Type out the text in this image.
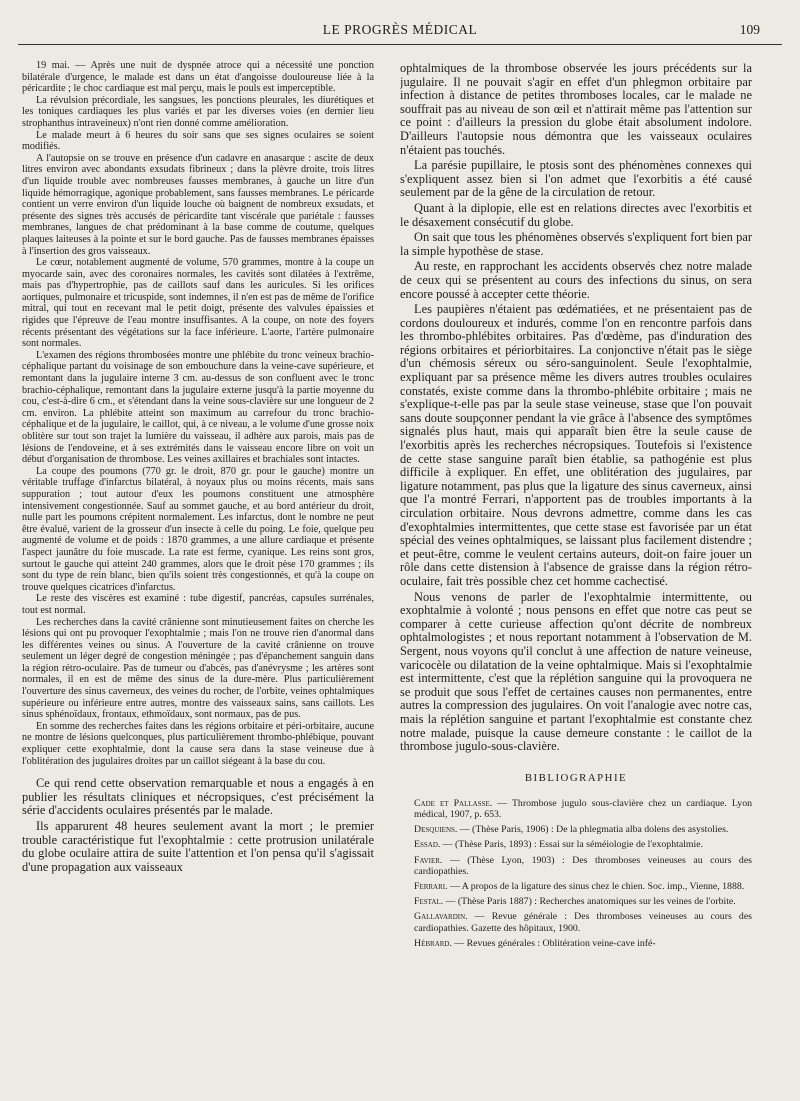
LE PROGRÈS MÉDICAL	109

19 mai. — Après une nuit de dyspnée atroce qui a nécessité une ponction bilatérale d'urgence, le malade est dans un état d'angoisse douloureuse liée à la péricardite ; le choc cardiaque est mal perçu, mais le pouls est imperceptible.

La révulsion précordiale, les sangsues, les ponctions pleurales, les diurétiques et les toniques cardiaques les plus variés et par les diverses voies (en dernier lieu strophanthus intraveineux) n'ont rien donné comme amélioration.

Le malade meurt à 6 heures du soir sans que ses signes oculaires se soient modifiés.

A l'autopsie on se trouve en présence d'un cadavre en anasarque : ascite de deux litres environ avec abondants exsudats fibrineux ; dans la plèvre droite, trois litres d'un liquide trouble avec nombreuses fausses membranes, à gauche un litre d'un liquide hémorragique, agonique probablement, sans fausses membranes. Le péricarde contient un verre environ d'un liquide louche où baignent de nombreux exsudats, et présente des signes très accusés de péricardite tant viscérale que pariétale : fausses membranes, langues de chat prédominant à la base comme de coutume, quelques plaques laiteuses à la pointe et sur le bord gauche. Pas de fausses membranes épaisses à l'insertion des gros vaisseaux.

Le cœur, notablement augmenté de volume, 570 grammes, montre à la coupe un myocarde sain, avec des coronaires normales, les cavités sont dilatées à l'extrême, mais pas d'hypertrophie, pas de caillots sauf dans les auricules. Si les orifices aortiques, pulmonaire et tricuspide, sont indemnes, il n'en est pas de même de l'orifice mitral, qui tout en recevant mal le petit doigt, présente des valvules épaissies et rigides que l'épreuve de l'eau montre insuffisantes. A la coupe, on note des foyers récents présentant des végétations sur la face inférieure. L'aorte, l'artère pulmonaire sont normales.

L'examen des régions thrombosées montre une phlébite du tronc veineux brachio-céphalique partant du voisinage de son embouchure dans la veine-cave supérieure, et remontant dans la jugulaire interne 3 cm. au-dessus de son confluent avec le tronc brachio-céphalique, remontant dans la jugulaire externe jusqu'à la partie moyenne du cou, c'est-à-dire 6 cm., et s'étendant dans la veine sous-clavière sur une longueur de 2 cm. environ. La phlébite atteint son maximum au carrefour du tronc brachio-céphalique et de la jugulaire, le caillot, qui, à ce niveau, a le volume d'une grosse noix oblitère sur tout son trajet la lumière du vaisseau, il adhère aux parois, mais pas de lésions de l'endoveine, et à ses extrémités dans le vaisseau encore libre on voit un début d'organisation de thrombose. Les veines axillaires et brachiales sont intactes.

La coupe des poumons (770 gr. le droit, 870 gr. pour le gauche) montre un véritable truffage d'infarctus bilatéral, à noyaux plus ou moins récents, mais sans suppuration ; tout autour d'eux les poumons constituent une atmosphère intensivement congestionnée. Sauf au sommet gauche, et au bord antérieur du droit, nulle part les poumons crépitent normalement. Les infarctus, dont le nombre ne peut être évalué, varient de la grosseur d'un insecte à celle du poing. Le foie, quelque peu augmenté de volume et de poids : 1870 grammes, a une allure cardiaque et présente l'aspect jaunâtre du foie muscade. La rate est ferme, cyanique. Les reins sont gros, surtout le gauche qui atteint 240 grammes, alors que le droit pèse 170 grammes ; ils sont du type de rein blanc, bien qu'ils soient très congestionnés, et qu'à la coupe on trouve quelques cicatrices d'infarctus.

Le reste des viscères est examiné : tube digestif, pancréas, capsules surrénales, tout est normal.

Les recherches dans la cavité crânienne sont minutieusement faites on cherche les lésions qui ont pu provoquer l'exophtalmie ; mais l'on ne trouve rien d'anormal dans les différentes veines ou sinus. A l'ouverture de la cavité crânienne on trouve seulement un léger degré de congestion méningée ; pas d'épanchement sanguin dans la région rétro-oculaire. Pas de tumeur ou d'abcès, pas d'anévrysme ; les artères sont normales, il en est de même des sinus de la dure-mère. Plus particulièrement l'ouverture des sinus caverneux, des veines du rocher, de l'orbite, veines ophtalmiques supérieure ou inférieure entre autres, montre des vaisseaux sains, sans caillots. Les sinus sphénoïdaux, frontaux, ethmoïdaux, sont normaux, pas de pus.

En somme des recherches faites dans les régions orbitaire et péri-orbitaire, aucune ne montre de lésions quelconques, plus particulièrement thrombo-phlébique, pouvant expliquer cette exophtalmie, dont la cause sera dans la stase veineuse due à l'oblitération des jugulaires droites par un caillot siégeant à la base du cou.

Ce qui rend cette observation remarquable et nous a engagés à en publier les résultats cliniques et nécropsiques, c'est précisément la série d'accidents oculaires présentés par le malade.

Ils apparurent 48 heures seulement avant la mort ; le premier trouble caractéristique fut l'exophtalmie : cette protrusion unilatérale du globe oculaire attira de suite l'attention et l'on pensa qu'il s'agissait d'une propagation aux vaisseaux

ophtalmiques de la thrombose observée les jours précédents sur la jugulaire. Il ne pouvait s'agir en effet d'un phlegmon orbitaire par infection à distance de petites thromboses locales, car le malade ne souffrait pas au niveau de son œil et n'attirait même pas l'attention sur ce point : d'ailleurs la pression du globe était absolument indolore. D'ailleurs l'autopsie nous démontra que les vaisseaux oculaires n'étaient pas touchés.

La parésie pupillaire, le ptosis sont des phénomènes connexes qui s'expliquent assez bien si l'on admet que l'exorbitis a été causé seulement par de la gêne de la circulation de retour.

Quant à la diplopie, elle est en relations directes avec l'exorbitis et le désaxement consécutif du globe.

On sait que tous les phénomènes observés s'expliquent fort bien par la simple hypothèse de stase.

Au reste, en rapprochant les accidents observés chez notre malade de ceux qui se présentent au cours des infections du sinus, on sera encore poussé à accepter cette théorie.

Les paupières n'étaient pas œdématiées, et ne présentaient pas de cordons douloureux et indurés, comme l'on en rencontre parfois dans les thrombo-phlébites orbitaires. Pas d'œdème, pas d'induration des régions orbitaires et périorbitaires. La conjonctive n'était pas le siège d'un chémosis séreux ou séro-sanguinolent. Seule l'exophtalmie, expliquant par sa présence même les divers autres troubles oculaires constatés, existe comme dans la thrombo-phlébite orbitaire ; mais ne s'explique-t-elle pas par la seule stase veineuse, stase que l'on pouvait sans doute soupçonner pendant la vie grâce à l'absence des symptômes signalés plus haut, mais qui apparaît bien être la seule cause de l'exorbitis après les recherches nécropsiques. Toutefois si l'existence de cette stase sanguine paraît bien établie, sa pathogénie est plus difficile à expliquer. En effet, une oblitération des jugulaires, par ligature notamment, pas plus que la ligature des sinus caverneux, ainsi que l'a montré Ferrari, n'apportent pas de troubles importants à la circulation orbitaire. Nous devrons admettre, comme dans les cas d'exophtalmies intermittentes, que cette stase est favorisée par un état spécial des veines ophtalmiques, se laissant plus facilement distendre ; et peut-être, comme le veulent certains auteurs, doit-on faire jouer un rôle dans cette distension à l'absence de graisse dans la région rétro-oculaire, fait très possible chez cet homme cachectisé.

Nous venons de parler de l'exophtalmie intermittente, ou exophtalmie à volonté ; nous pensons en effet que notre cas peut se comparer à cette curieuse affection qu'ont décrite de nombreux ophtalmologistes ; et nous reportant notamment à l'observation de M. Sergent, nous voyons qu'il conclut à une affection de nature veineuse, varicocèle ou dilatation de la veine ophtalmique. Mais si l'exophtalmie est intermittente, c'est que la réplétion sanguine qui la provoquera ne se produit que sous l'effet de certaines causes non permanentes, entre autres la compression des jugulaires. On voit l'analogie avec notre cas, mais la réplétion sanguine et partant l'exophtalmie est constante chez notre malade, puisque la cause demeure constante : le caillot de la thrombose jugulo-sous-clavière.

BIBLIOGRAPHIE

Cade et Pallasse. — Thrombose jugulo sous-clavière chez un cardiaque. Lyon médical, 1907, p. 653.

Desquiens. — (Thèse Paris, 1906) : De la phlegmatia alba dolens des asystolies.

Essad. — (Thèse Paris, 1893) : Essai sur la séméiologie de l'exophtalmie.

Favier. — (Thèse Lyon, 1903) : Des thromboses veineuses au cours des cardiopathies.

Ferrari. — A propos de la ligature des sinus chez le chien. Soc. imp., Vienne, 1888.

Festal. — (Thèse Paris 1887) : Recherches anatomiques sur les veines de l'orbite.

Gallavardin. — Revue générale : Des thromboses veineuses au cours des cardiopathies. Gazette des hôpitaux, 1900.

Hébrard. — Revues générales : Oblitération veine-cave infé-
